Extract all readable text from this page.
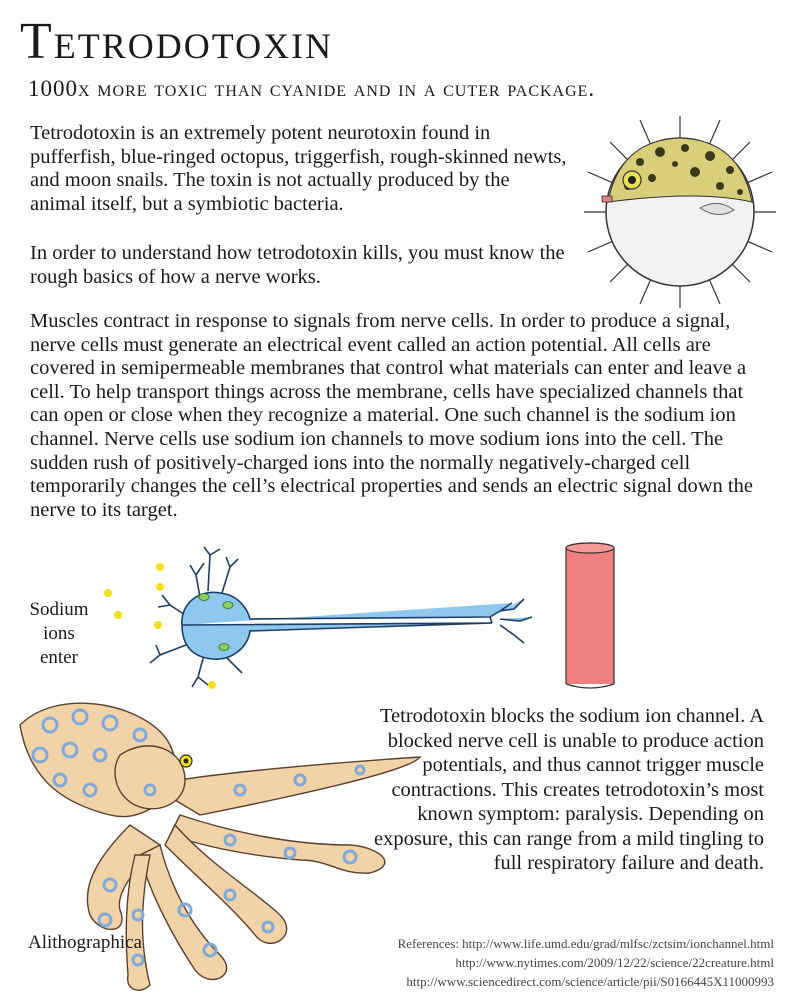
Tetrodotoxin
1000x more toxic than cyanide and in a cuter package.

Tetrodotoxin is an extremely potent neurotoxin found in pufferfish, blue-ringed octopus, triggerfish, rough-skinned newts, and moon snails. The toxin is not actually produced by the animal itself, but a symbiotic bacteria.

In order to understand how tetrodotoxin kills, you must know the rough basics of how a nerve works.

Muscles contract in response to signals from nerve cells. In order to produce a signal, nerve cells must generate an electrical event called an action potential. All cells are covered in semipermeable membranes that control what materials can enter and leave a cell. To help transport things across the membrane, cells have specialized channels that can open or close when they recognize a material. One such channel is the sodium ion channel. Nerve cells use sodium ion channels to move sodium ions into the cell. The sudden rush of positively-charged ions into the normally negatively-charged cell temporarily changes the cell’s electrical properties and sends an electric signal down the nerve to its target.

Sodium ions
enter

Tetrodotoxin blocks the sodium ion channel. A blocked nerve cell is unable to produce action potentials, and thus cannot trigger muscle contractions. This creates tetrodotoxin’s most known symptom: paralysis. Depending on exposure, this can range from a mild tingling to full respiratory failure and death.

Alithographica	References: http://www.life.umd.edu/grad/mlfsc/zctsim/ionchannel.html
http://www.nytimes.com/2009/12/22/science/22creature.html
http://www.sciencedirect.com/science/article/pii/S0166445X11000993
